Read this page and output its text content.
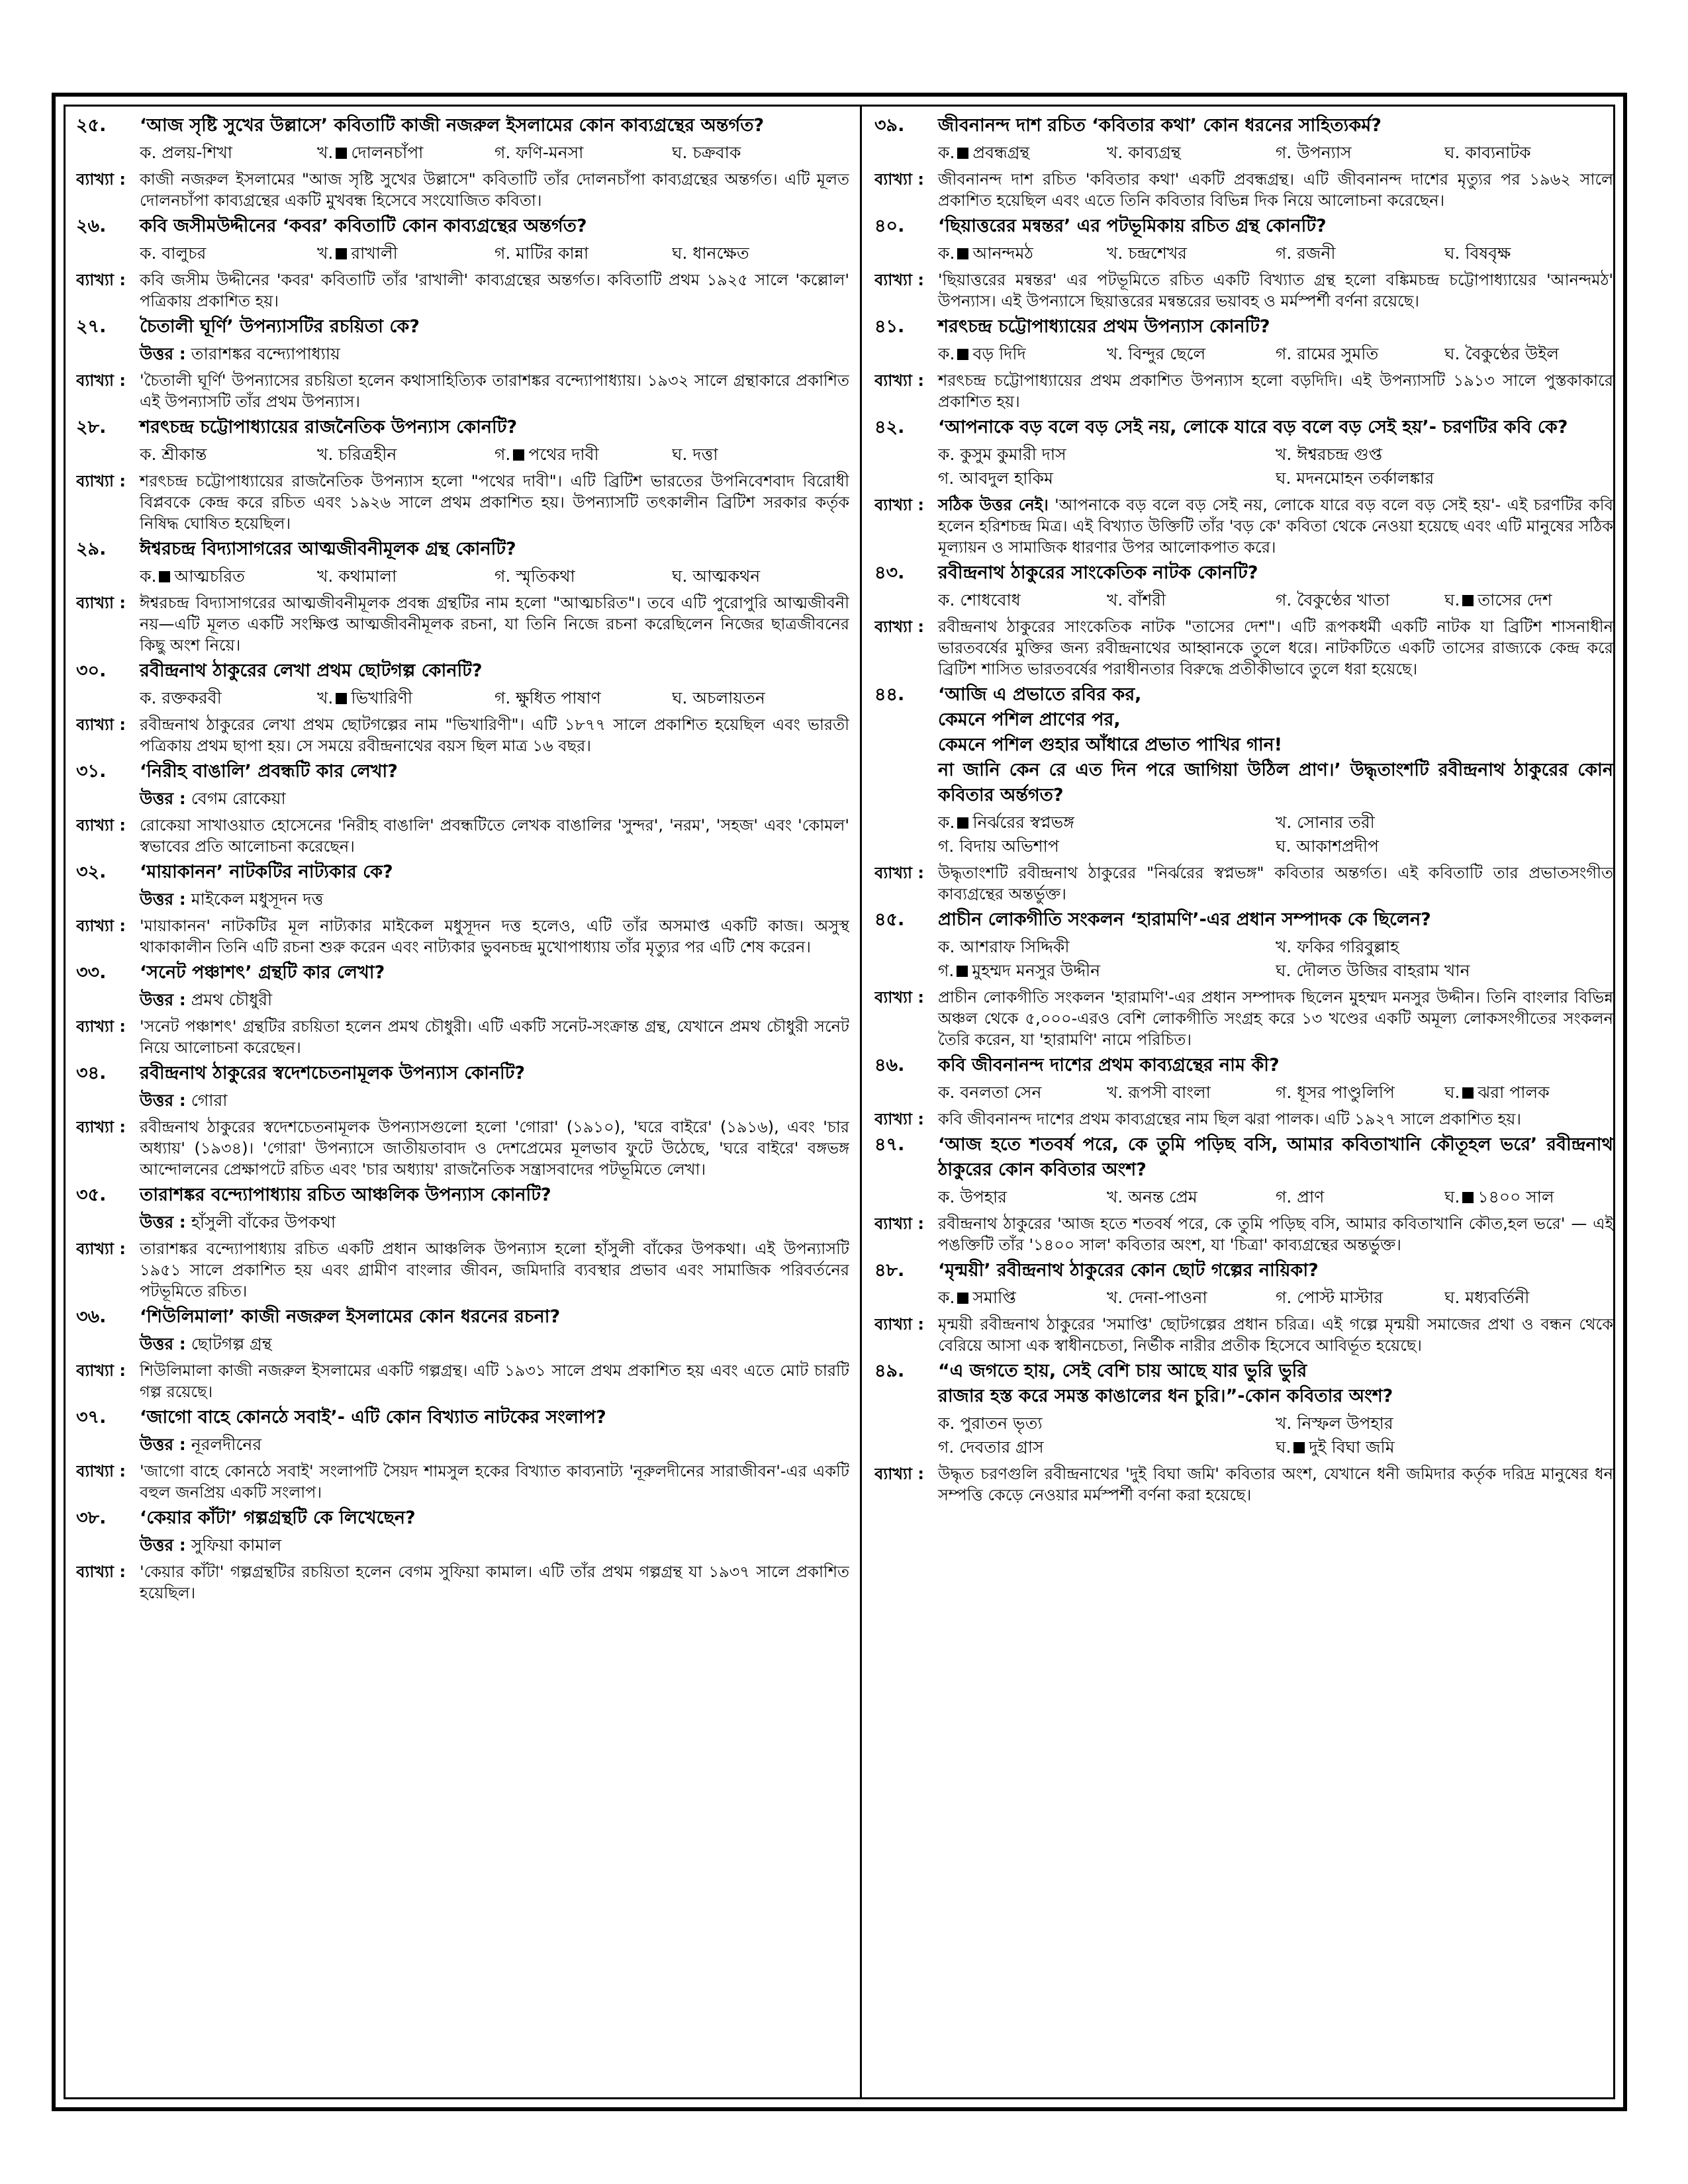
২৫.	‘আজ সৃষ্টি সুখের উল্লাসে’ কবিতাটি কাজী নজরুল ইসলামের কোন কাব্যগ্রন্থের অন্তর্গত?
ক. প্রলয়-শিখা	খ. দোলনচাঁপা	গ. ফণি-মনসা	ঘ. চক্রবাক
ব্যাখ্যা : কাজী নজরুল ইসলামের "আজ সৃষ্টি সুখের উল্লাসে" কবিতাটি তাঁর দোলনচাঁপা কাব্যগ্রন্থের অন্তর্গত। এটি মূলত দোলনচাঁপা কাব্যগ্রন্থের একটি মুখবন্ধ হিসেবে সংযোজিত কবিতা।
২৬.	কবি জসীমউদ্দীনের ‘কবর’ কবিতাটি কোন কাব্যগ্রন্থের অন্তর্গত?
ক. বালুচর	খ. রাখালী	গ. মাটির কান্না	ঘ. ধানক্ষেত
ব্যাখ্যা : কবি জসীম উদ্দীনের 'কবর' কবিতাটি তাঁর 'রাখালী' কাব্যগ্রন্থের অন্তর্গত। কবিতাটি প্রথম ১৯২৫ সালে 'কল্লোল' পত্রিকায় প্রকাশিত হয়।
২৭.	চৈতালী ঘূর্ণি’ উপন্যাসটির রচয়িতা কে?
উত্তর : তারাশঙ্কর বন্দ্যোপাধ্যায়
ব্যাখ্যা : 'চৈতালী ঘূর্ণি' উপন্যাসের রচয়িতা হলেন কথাসাহিত্যিক তারাশঙ্কর বন্দ্যোপাধ্যায়। ১৯৩২ সালে গ্রন্থাকারে প্রকাশিত এই উপন্যাসটি তাঁর প্রথম উপন্যাস।
২৮.	শরৎচন্দ্র চট্টোপাধ্যায়ের রাজনৈতিক উপন্যাস কোনটি?
ক. শ্রীকান্ত	খ. চরিত্রহীন	গ. পথের দাবী	ঘ. দত্তা
ব্যাখ্যা : শরৎচন্দ্র চট্টোপাধ্যায়ের রাজনৈতিক উপন্যাস হলো "পথের দাবী"। এটি ব্রিটিশ ভারতের উপনিবেশবাদ বিরোধী বিপ্লবকে কেন্দ্র করে রচিত এবং ১৯২৬ সালে প্রথম প্রকাশিত হয়। উপন্যাসটি তৎকালীন ব্রিটিশ সরকার কর্তৃক নিষিদ্ধ ঘোষিত হয়েছিল।
২৯.	ঈশ্বরচন্দ্র বিদ্যাসাগরের আত্মজীবনীমূলক গ্রন্থ কোনটি?
ক. আত্মচরিত	খ. কথামালা	গ. স্মৃতিকথা	ঘ. আত্মকথন
ব্যাখ্যা : ঈশ্বরচন্দ্র বিদ্যাসাগরের আত্মজীবনীমূলক প্রবন্ধ গ্রন্থটির নাম হলো "আত্মচরিত"। তবে এটি পুরোপুরি আত্মজীবনী নয়—এটি মূলত একটি সংক্ষিপ্ত আত্মজীবনীমূলক রচনা, যা তিনি নিজে রচনা করেছিলেন নিজের ছাত্রজীবনের কিছু অংশ নিয়ে।
৩০.	রবীন্দ্রনাথ ঠাকুরের লেখা প্রথম ছোটগল্প কোনটি?
ক. রক্তকরবী	খ. ভিখারিণী	গ. ক্ষুধিত পাষাণ	ঘ. অচলায়তন
ব্যাখ্যা : রবীন্দ্রনাথ ঠাকুরের লেখা প্রথম ছোটগল্পের নাম "ভিখারিণী"। এটি ১৮৭৭ সালে প্রকাশিত হয়েছিল এবং ভারতী পত্রিকায় প্রথম ছাপা হয়। সে সময়ে রবীন্দ্রনাথের বয়স ছিল মাত্র ১৬ বছর।
৩১.	‘নিরীহ বাঙালি’ প্রবন্ধটি কার লেখা?
উত্তর : বেগম রোকেয়া
ব্যাখ্যা : রোকেয়া সাখাওয়াত হোসেনের 'নিরীহ বাঙালি' প্রবন্ধটিতে লেখক বাঙালির 'সুন্দর', 'নরম', 'সহজ' এবং 'কোমল' স্বভাবের প্রতি আলোচনা করেছেন।
৩২.	‘মায়াকানন’ নাটকটির নাট্যকার কে?
উত্তর : মাইকেল মধুসূদন দত্ত
ব্যাখ্যা : 'মায়াকানন' নাটকটির মূল নাট্যকার মাইকেল মধুসূদন দত্ত হলেও, এটি তাঁর অসমাপ্ত একটি কাজ। অসুস্থ থাকাকালীন তিনি এটি রচনা শুরু করেন এবং নাট্যকার ভুবনচন্দ্র মুখোপাধ্যায় তাঁর মৃত্যুর পর এটি শেষ করেন।
৩৩.	‘সনেট পঞ্চাশৎ’ গ্রন্থটি কার লেখা?
উত্তর : প্রমথ চৌধুরী
ব্যাখ্যা : 'সনেট পঞ্চাশৎ' গ্রন্থটির রচয়িতা হলেন প্রমথ চৌধুরী। এটি একটি সনেট-সংক্রান্ত গ্রন্থ, যেখানে প্রমথ চৌধুরী সনেট নিয়ে আলোচনা করেছেন।
৩৪.	রবীন্দ্রনাথ ঠাকুরের স্বদেশচেতনামূলক উপন্যাস কোনটি?
উত্তর : গোরা
ব্যাখ্যা : রবীন্দ্রনাথ ঠাকুরের স্বদেশচেতনামূলক উপন্যাসগুলো হলো 'গোরা' (১৯১০), 'ঘরে বাইরে' (১৯১৬), এবং 'চার অধ্যায়' (১৯৩৪)। 'গোরা' উপন্যাসে জাতীয়তাবাদ ও দেশপ্রেমের মূলভাব ফুটে উঠেছে, 'ঘরে বাইরে' বঙ্গভঙ্গ আন্দোলনের প্রেক্ষাপটে রচিত এবং 'চার অধ্যায়' রাজনৈতিক সন্ত্রাসবাদের পটভূমিতে লেখা।
৩৫.	তারাশঙ্কর বন্দ্যোপাধ্যায় রচিত আঞ্চলিক উপন্যাস কোনটি?
উত্তর : হাঁসুলী বাঁকের উপকথা
ব্যাখ্যা : তারাশঙ্কর বন্দ্যোপাধ্যায় রচিত একটি প্রধান আঞ্চলিক উপন্যাস হলো হাঁসুলী বাঁকের উপকথা। এই উপন্যাসটি ১৯৫১ সালে প্রকাশিত হয় এবং গ্রামীণ বাংলার জীবন, জমিদারি ব্যবস্থার প্রভাব এবং সামাজিক পরিবর্তনের পটভূমিতে রচিত।
৩৬.	‘শিউলিমালা’ কাজী নজরুল ইসলামের কোন ধরনের রচনা?
উত্তর : ছোটগল্প গ্রন্থ
ব্যাখ্যা : শিউলিমালা কাজী নজরুল ইসলামের একটি গল্পগ্রন্থ। এটি ১৯৩১ সালে প্রথম প্রকাশিত হয় এবং এতে মোট চারটি গল্প রয়েছে।
৩৭.	‘জাগো বাহে কোনঠে সবাই’- এটি কোন বিখ্যাত নাটকের সংলাপ?
উত্তর : নূরলদীনের
ব্যাখ্যা : 'জাগো বাহে কোনঠে সবাই' সংলাপটি সৈয়দ শামসুল হকের বিখ্যাত কাব্যনাট্য 'নূরুলদীনের সারাজীবন'-এর একটি বহুল জনপ্রিয় একটি সংলাপ।
৩৮.	‘কেয়ার কাঁটা’ গল্পগ্রন্থটি কে লিখেছেন?
উত্তর : সুফিয়া কামাল
ব্যাখ্যা : 'কেয়ার কাঁটা' গল্পগ্রন্থটির রচয়িতা হলেন বেগম সুফিয়া কামাল। এটি তাঁর প্রথম গল্পগ্রন্থ যা ১৯৩৭ সালে প্রকাশিত হয়েছিল।
৩৯.	জীবনানন্দ দাশ রচিত ‘কবিতার কথা’ কোন ধরনের সাহিত্যকর্ম?
ক. প্রবন্ধগ্রন্থ	খ. কাব্যগ্রন্থ	গ. উপন্যাস	ঘ. কাব্যনাটক
ব্যাখ্যা : জীবনানন্দ দাশ রচিত 'কবিতার কথা' একটি প্রবন্ধগ্রন্থ। এটি জীবনানন্দ দাশের মৃত্যুর পর ১৯৬২ সালে প্রকাশিত হয়েছিল এবং এতে তিনি কবিতার বিভিন্ন দিক নিয়ে আলোচনা করেছেন।
৪০.	‘ছিয়াত্তরের মন্বন্তর’ এর পটভূমিকায় রচিত গ্রন্থ কোনটি?
ক. আনন্দমঠ	খ. চন্দ্রশেখর	গ. রজনী	ঘ. বিষবৃক্ষ
ব্যাখ্যা : 'ছিয়াত্তরের মন্বন্তর' এর পটভূমিতে রচিত একটি বিখ্যাত গ্রন্থ হলো বঙ্কিমচন্দ্র চট্টোপাধ্যায়ের 'আনন্দমঠ' উপন্যাস। এই উপন্যাসে ছিয়াত্তরের মন্বন্তরের ভয়াবহ ও মর্মস্পর্শী বর্ণনা রয়েছে।
৪১.	শরৎচন্দ্র চট্টোপাধ্যায়ের প্রথম উপন্যাস কোনটি?
ক. বড় দিদি	খ. বিন্দুর ছেলে	গ. রামের সুমতি	ঘ. বৈকুণ্ঠের উইল
ব্যাখ্যা : শরৎচন্দ্র চট্টোপাধ্যায়ের প্রথম প্রকাশিত উপন্যাস হলো বড়দিদি। এই উপন্যাসটি ১৯১৩ সালে পুস্তকাকারে প্রকাশিত হয়।
৪২.	‘আপনাকে বড় বলে বড় সেই নয়, লোকে যারে বড় বলে বড় সেই হয়’- চরণটির কবি কে?
ক. কুসুম কুমারী দাস	খ. ঈশ্বরচন্দ্র গুপ্ত
গ. আবদুল হাকিম	ঘ. মদনমোহন তর্কালঙ্কার
ব্যাখ্যা : সঠিক উত্তর নেই। 'আপনাকে বড় বলে বড় সেই নয়, লোকে যারে বড় বলে বড় সেই হয়'- এই চরণটির কবি হলেন হরিশচন্দ্র মিত্র। এই বিখ্যাত উক্তিটি তাঁর 'বড় কে' কবিতা থেকে নেওয়া হয়েছে এবং এটি মানুষের সঠিক মূল্যায়ন ও সামাজিক ধারণার উপর আলোকপাত করে।
৪৩.	রবীন্দ্রনাথ ঠাকুরের সাংকেতিক নাটক কোনটি?
ক. শোধবোধ	খ. বাঁশরী	গ. বৈকুণ্ঠের খাতা	ঘ. তাসের দেশ
ব্যাখ্যা : রবীন্দ্রনাথ ঠাকুরের সাংকেতিক নাটক "তাসের দেশ"। এটি রূপকধর্মী একটি নাটক যা ব্রিটিশ শাসনাধীন ভারতবর্ষের মুক্তির জন্য রবীন্দ্রনাথের আহ্বানকে তুলে ধরে। নাটকটিতে একটি তাসের রাজ্যকে কেন্দ্র করে ব্রিটিশ শাসিত ভারতবর্ষের পরাধীনতার বিরুদ্ধে প্রতীকীভাবে তুলে ধরা হয়েছে।
৪৪.	‘আজি এ প্রভাতে রবির কর,
কেমনে পশিল প্রাণের পর,
কেমনে পশিল গুহার আঁধারে প্রভাত পাখির গান!
না জানি কেন রে এত দিন পরে জাগিয়া উঠিল প্রাণ।’ উদ্ধৃতাংশটি রবীন্দ্রনাথ ঠাকুরের কোন কবিতার অর্ন্তগত?
ক. নির্ঝরের স্বপ্নভঙ্গ	খ. সোনার তরী
গ. বিদায় অভিশাপ	ঘ. আকাশপ্রদীপ
ব্যাখ্যা : উদ্ধৃতাংশটি রবীন্দ্রনাথ ঠাকুরের "নির্ঝরের স্বপ্নভঙ্গ" কবিতার অন্তর্গত। এই কবিতাটি তার প্রভাতসংগীত কাব্যগ্রন্থের অন্তর্ভুক্ত।
৪৫.	প্রাচীন লোকগীতি সংকলন ‘হারামণি’-এর প্রধান সম্পাদক কে ছিলেন?
ক. আশরাফ সিদ্দিকী	খ. ফকির গরিবুল্লাহ
গ. মুহম্মদ মনসুর উদ্দীন	ঘ. দৌলত উজির বাহরাম খান
ব্যাখ্যা : প্রাচীন লোকগীতি সংকলন 'হারামণি'-এর প্রধান সম্পাদক ছিলেন মুহম্মদ মনসুর উদ্দীন। তিনি বাংলার বিভিন্ন অঞ্চল থেকে ৫,০০০-এরও বেশি লোকগীতি সংগ্রহ করে ১৩ খণ্ডের একটি অমূল্য লোকসংগীতের সংকলন তৈরি করেন, যা 'হারামণি' নামে পরিচিত।
৪৬.	কবি জীবনানন্দ দাশের প্রথম কাব্যগ্রন্থের নাম কী?
ক. বনলতা সেন	খ. রূপসী বাংলা	গ. ধূসর পাণ্ডুলিপি	ঘ. ঝরা পালক
ব্যাখ্যা : কবি জীবনানন্দ দাশের প্রথম কাব্যগ্রন্থের নাম ছিল ঝরা পালক। এটি ১৯২৭ সালে প্রকাশিত হয়।
৪৭.	‘আজ হতে শতবর্ষ পরে, কে তুমি পড়িছ বসি, আমার কবিতাখানি কৌতূহল ভরে’ রবীন্দ্রনাথ ঠাকুরের কোন কবিতার অংশ?
ক. উপহার	খ. অনন্ত প্রেম	গ. প্রাণ	ঘ. ১৪০০ সাল
ব্যাখ্যা : রবীন্দ্রনাথ ঠাকুরের 'আজ হতে শতবর্ষ পরে, কে তুমি পড়িছ বসি, আমার কবিতাখানি কৌত,হল ভরে' — এই পঙক্তিটি তাঁর '১৪০০ সাল' কবিতার অংশ, যা 'চিত্রা' কাব্যগ্রন্থের অন্তর্ভুক্ত।
৪৮.	‘মৃন্ময়ী’ রবীন্দ্রনাথ ঠাকুরের কোন ছোট গল্পের নায়িকা?
ক. সমাপ্তি	খ. দেনা-পাওনা	গ. পোস্ট মাস্টার	ঘ. মধ্যবর্তিনী
ব্যাখ্যা : মৃন্ময়ী রবীন্দ্রনাথ ঠাকুরের 'সমাপ্তি' ছোটগল্পের প্রধান চরিত্র। এই গল্পে মৃন্ময়ী সমাজের প্রথা ও বন্ধন থেকে বেরিয়ে আসা এক স্বাধীনচেতা, নির্ভীক নারীর প্রতীক হিসেবে আবির্ভূত হয়েছে।
৪৯.	“এ জগতে হায়, সেই বেশি চায় আছে যার ভুরি ভুরি
রাজার হস্ত করে সমস্ত কাঙালের ধন চুরি।”-কোন কবিতার অংশ?
ক. পুরাতন ভৃত্য	খ. নিস্ফল উপহার
গ. দেবতার গ্রাস	ঘ. দুই বিঘা জমি
ব্যাখ্যা : উদ্ধৃত চরণগুলি রবীন্দ্রনাথের 'দুই বিঘা জমি' কবিতার অংশ, যেখানে ধনী জমিদার কর্তৃক দরিদ্র মানুষের ধন সম্পত্তি কেড়ে নেওয়ার মর্মস্পর্শী বর্ণনা করা হয়েছে।
